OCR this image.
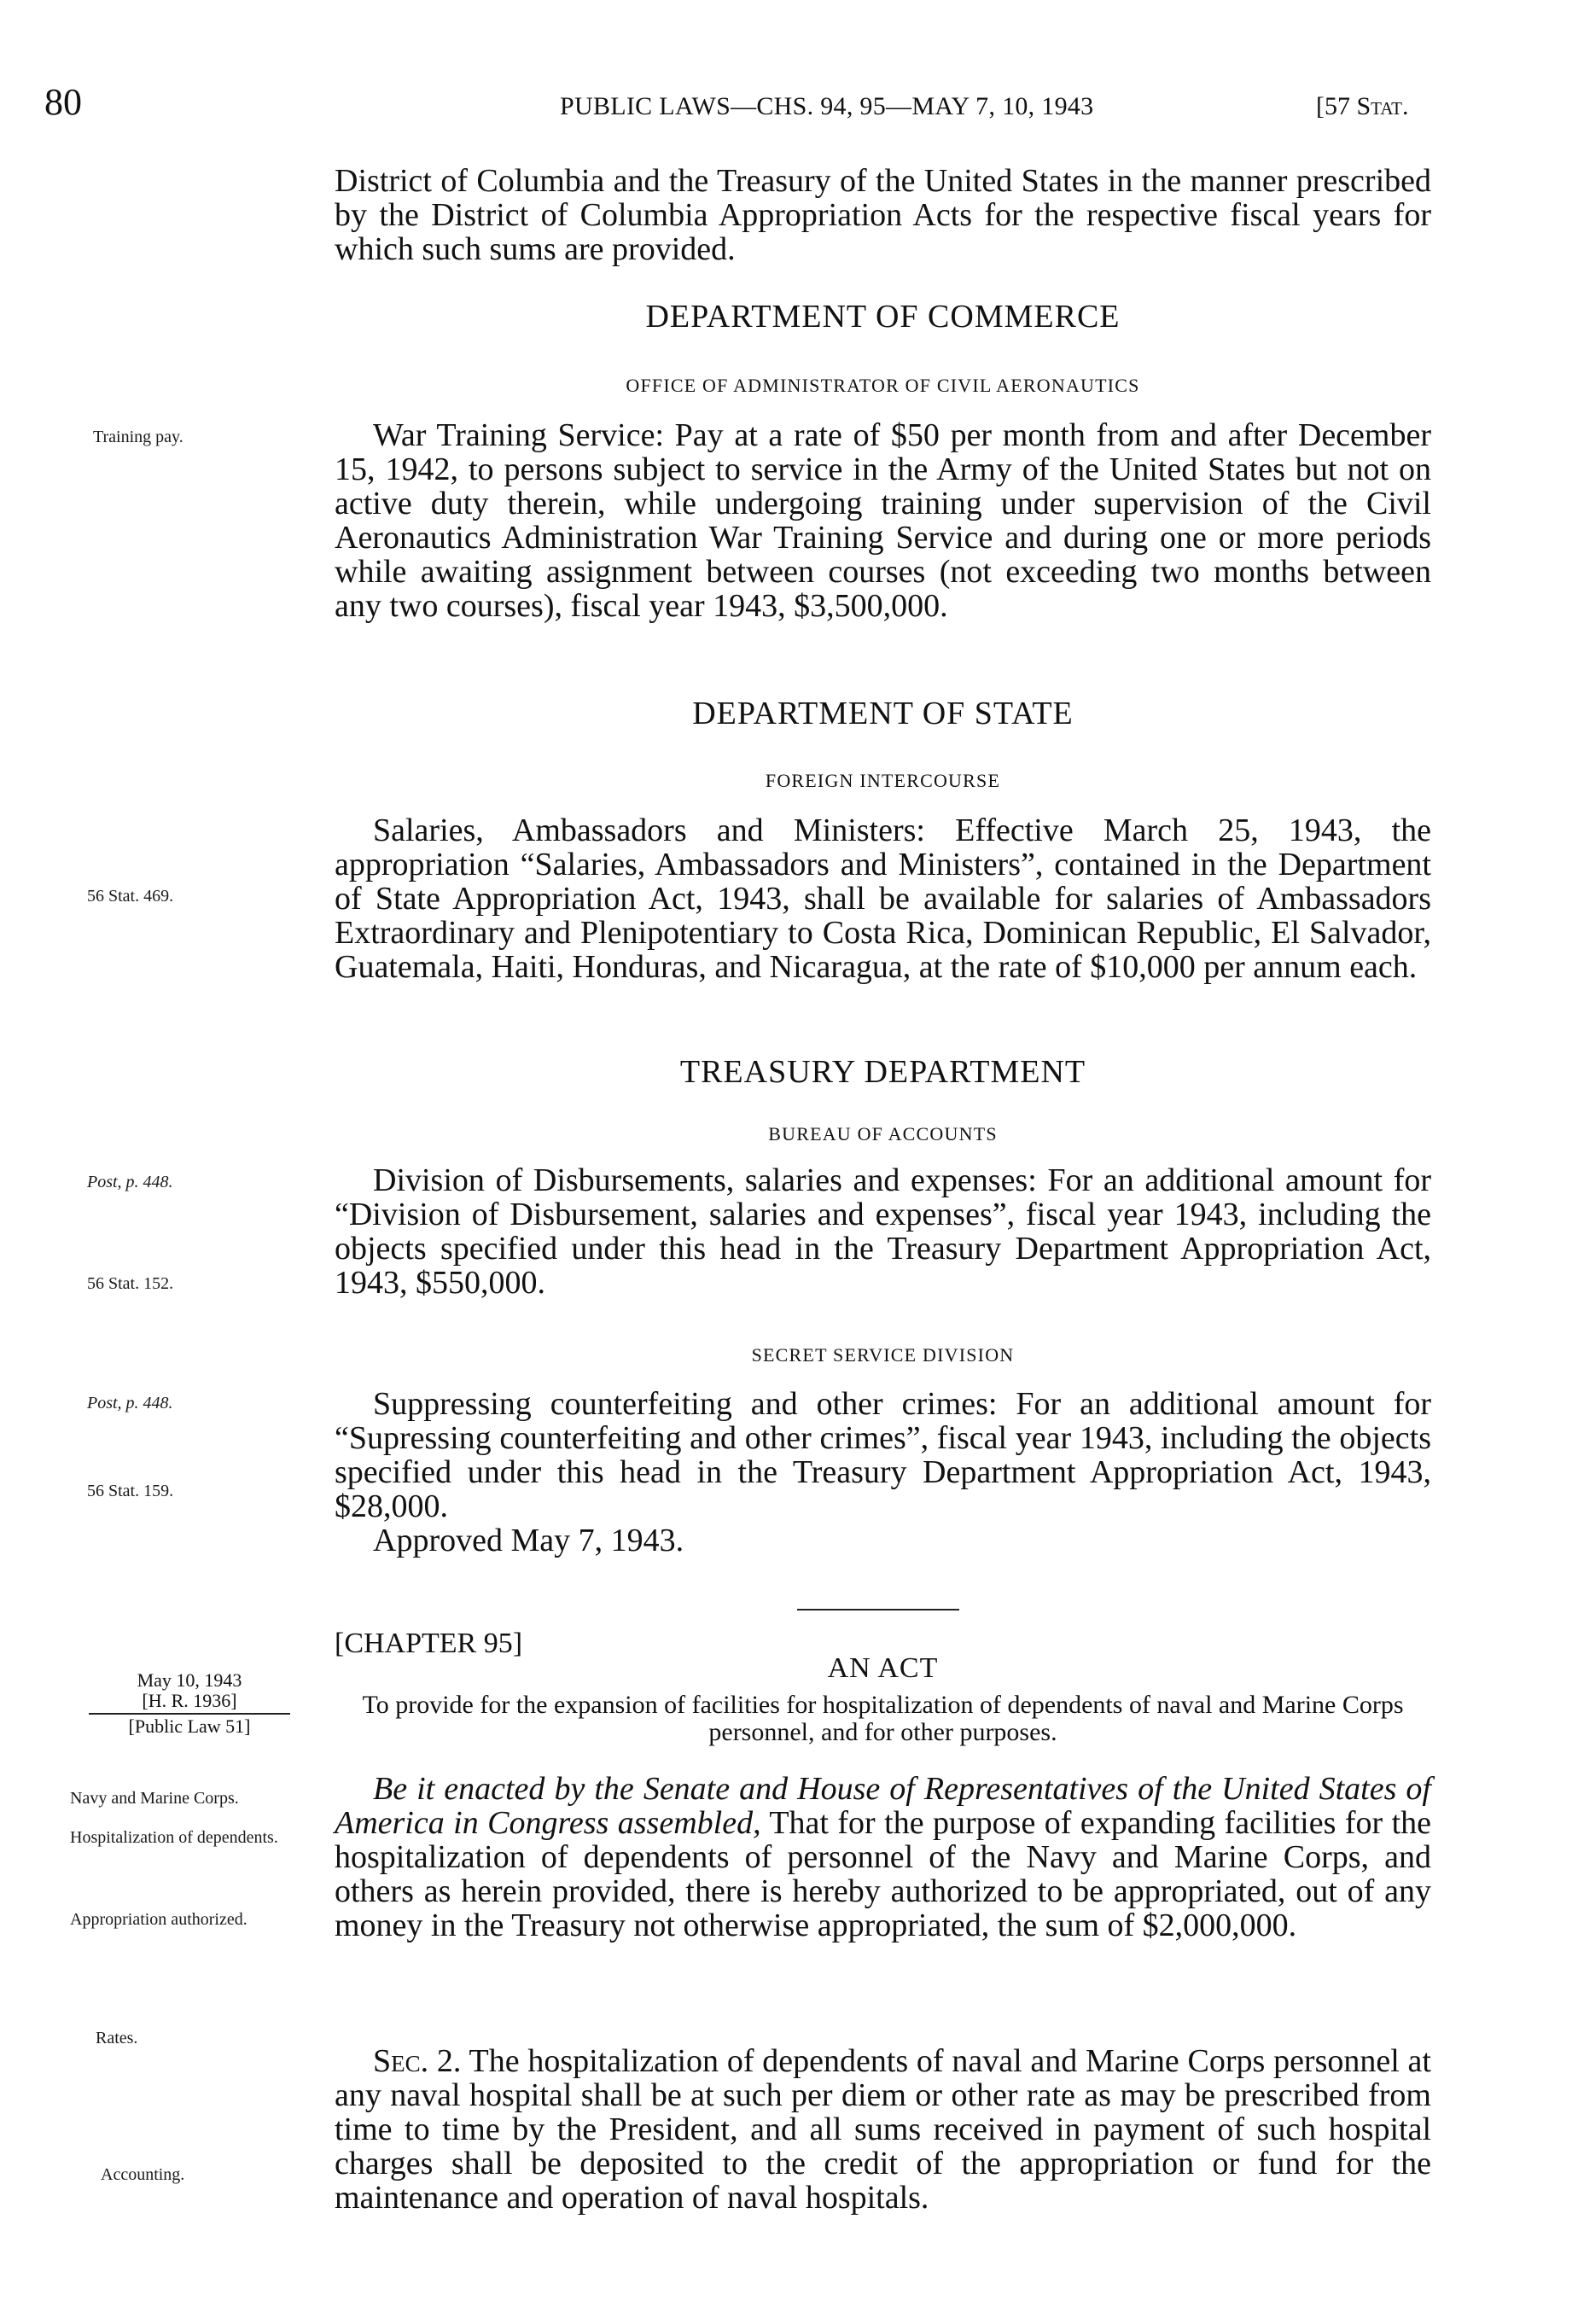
80	PUBLIC LAWS—CHS. 94, 95—MAY 7, 10, 1943	[57 Stat.
District of Columbia and the Treasury of the United States in the manner prescribed by the District of Columbia Appropriation Acts for the respective fiscal years for which such sums are provided.
DEPARTMENT OF COMMERCE
OFFICE OF ADMINISTRATOR OF CIVIL AERONAUTICS
Training pay.	War Training Service: Pay at a rate of $50 per month from and after December 15, 1942, to persons subject to service in the Army of the United States but not on active duty therein, while undergoing training under supervision of the Civil Aeronautics Administration War Training Service and during one or more periods while awaiting assignment between courses (not exceeding two months between any two courses), fiscal year 1943, $3,500,000.
DEPARTMENT OF STATE
FOREIGN INTERCOURSE
56 Stat. 469.
Salaries, Ambassadors and Ministers: Effective March 25, 1943, the appropriation “Salaries, Ambassadors and Ministers”, contained in the Department of State Appropriation Act, 1943, shall be available for salaries of Ambassadors Extraordinary and Plenipotentiary to Costa Rica, Dominican Republic, El Salvador, Guatemala, Haiti, Honduras, and Nicaragua, at the rate of $10,000 per annum each.
TREASURY DEPARTMENT
BUREAU OF ACCOUNTS
Post, p. 448.
56 Stat. 152.
Division of Disbursements, salaries and expenses: For an additional amount for “Division of Disbursement, salaries and expenses”, fiscal year 1943, including the objects specified under this head in the Treasury Department Appropriation Act, 1943, $550,000.
SECRET SERVICE DIVISION
Post, p. 448.
56 Stat. 159.
Suppressing counterfeiting and other crimes: For an additional amount for “Supressing counterfeiting and other crimes”, fiscal year 1943, including the objects specified under this head in the Treasury Department Appropriation Act, 1943, $28,000.
Approved May 7, 1943.
[CHAPTER 95]
AN ACT
To provide for the expansion of facilities for hospitalization of dependents of naval and Marine Corps personnel, and for other purposes.
May 10, 1943
[H. R. 1936]
[Public Law 51]
Navy and Marine Corps.
Hospitalization of dependents.
Appropriation authorized.
Rates.
Accounting.
Be it enacted by the Senate and House of Representatives of the United States of America in Congress assembled, That for the purpose of expanding facilities for the hospitalization of dependents of personnel of the Navy and Marine Corps, and others as herein provided, there is hereby authorized to be appropriated, out of any money in the Treasury not otherwise appropriated, the sum of $2,000,000.
Sec. 2. The hospitalization of dependents of naval and Marine Corps personnel at any naval hospital shall be at such per diem or other rate as may be prescribed from time to time by the President, and all sums received in payment of such hospital charges shall be deposited to the credit of the appropriation or fund for the maintenance and operation of naval hospitals.
